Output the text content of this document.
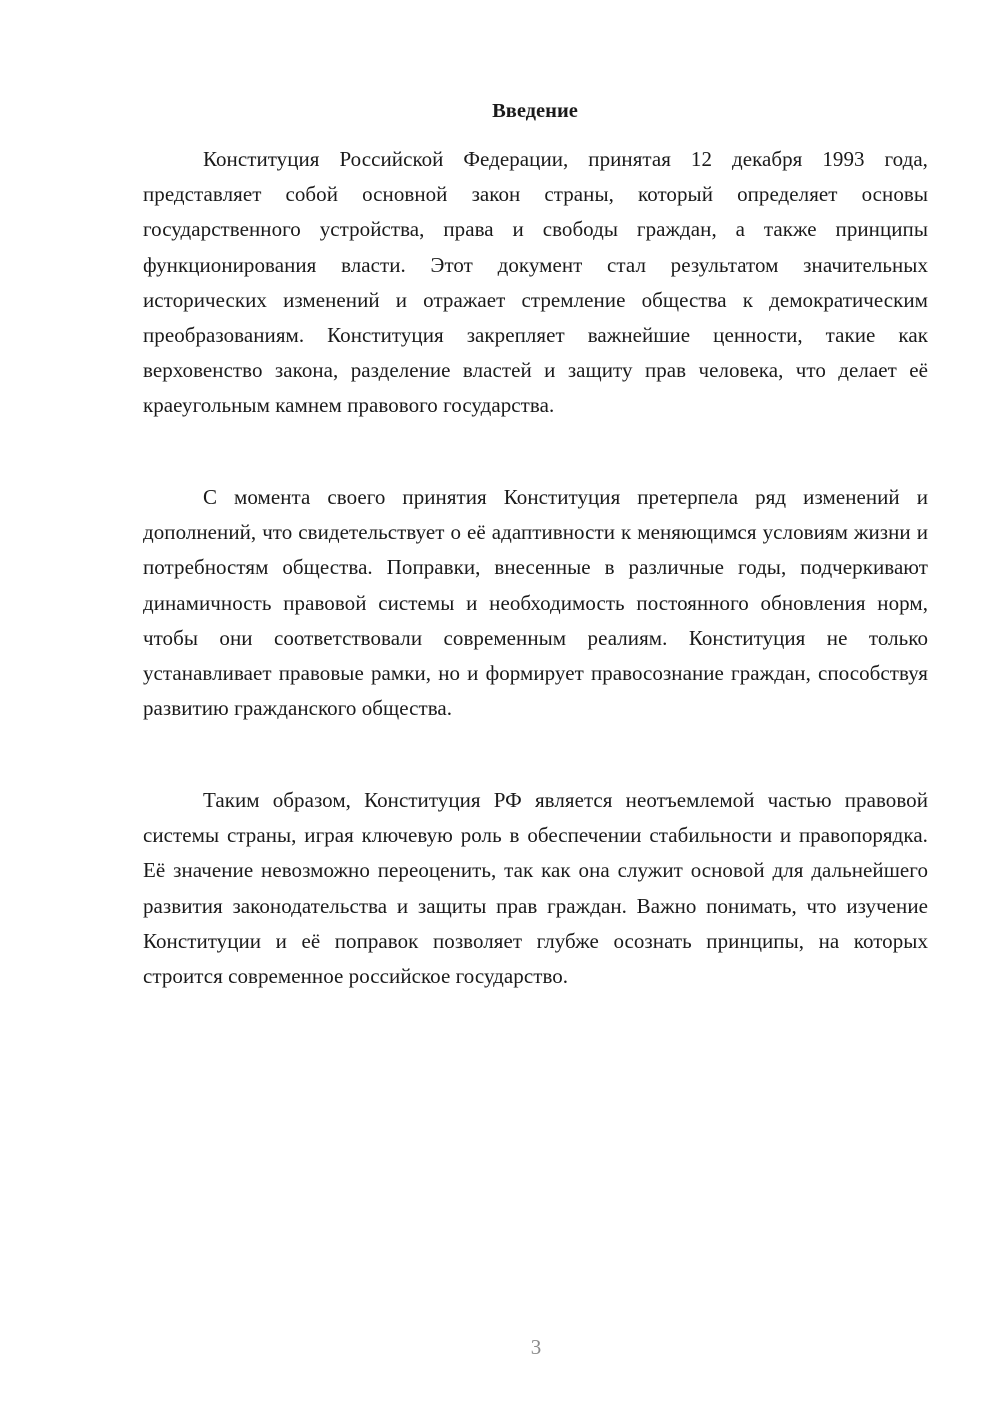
Введение

Конституция Российской Федерации, принятая 12 декабря 1993 года, представляет собой основной закон страны, который определяет основы государственного устройства, права и свободы граждан, а также принципы функционирования власти. Этот документ стал результатом значительных исторических изменений и отражает стремление общества к демократическим преобразованиям. Конституция закрепляет важнейшие ценности, такие как верховенство закона, разделение властей и защиту прав человека, что делает её краеугольным камнем правового государства.

С момента своего принятия Конституция претерпела ряд изменений и дополнений, что свидетельствует о её адаптивности к меняющимся условиям жизни и потребностям общества. Поправки, внесенные в различные годы, подчеркивают динамичность правовой системы и необходимость постоянного обновления норм, чтобы они соответствовали современным реалиям. Конституция не только устанавливает правовые рамки, но и формирует правосознание граждан, способствуя развитию гражданского общества.

Таким образом, Конституция РФ является неотъемлемой частью правовой системы страны, играя ключевую роль в обеспечении стабильности и правопорядка. Её значение невозможно переоценить, так как она служит основой для дальнейшего развития законодательства и защиты прав граждан. Важно понимать, что изучение Конституции и её поправок позволяет глубже осознать принципы, на которых строится современное российское государство.

3
